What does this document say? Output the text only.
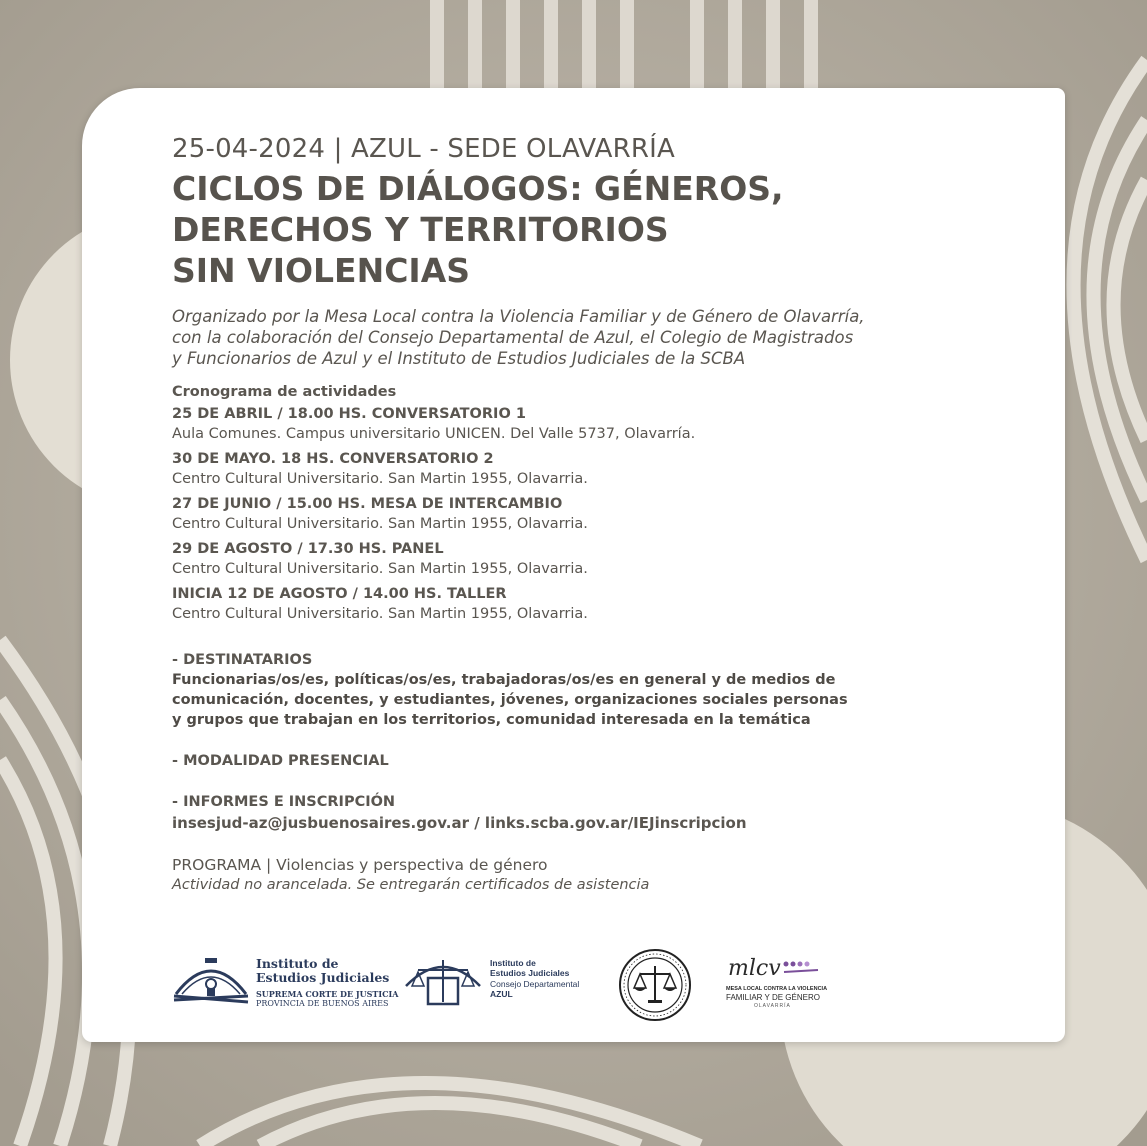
25-04-2024 | AZUL - SEDE OLAVARRÍA
CICLOS DE DIÁLOGOS: GÉNEROS,
DERECHOS Y TERRITORIOS
SIN VIOLENCIAS
Organizado por la Mesa Local contra la Violencia Familiar y de Género de Olavarría,
con la colaboración del Consejo Departamental de Azul, el Colegio de Magistrados
y Funcionarios de Azul y el Instituto de Estudios Judiciales de la SCBA
Cronograma de actividades
25 DE ABRIL / 18.00 HS. CONVERSATORIO 1
Aula Comunes. Campus universitario UNICEN. Del Valle 5737, Olavarría.
30 DE MAYO. 18 HS. CONVERSATORIO 2
Centro Cultural Universitario. San Martin 1955, Olavarria.
27 DE JUNIO / 15.00 HS. MESA DE INTERCAMBIO
Centro Cultural Universitario. San Martin 1955, Olavarria.
29 DE AGOSTO / 17.30 HS. PANEL
Centro Cultural Universitario. San Martin 1955, Olavarria.
INICIA 12 DE AGOSTO / 14.00 HS. TALLER
Centro Cultural Universitario. San Martin 1955, Olavarria.
- DESTINATARIOS
Funcionarias/os/es, políticas/os/es, trabajadoras/os/es en general y de medios de
comunicación, docentes, y estudiantes, jóvenes, organizaciones sociales personas
y grupos que trabajan en los territorios, comunidad interesada en la temática
- MODALIDAD PRESENCIAL
- INFORMES E INSCRIPCIÓN
insesjud-az@jusbuenosaires.gov.ar / links.scba.gov.ar/IEJinscripcion
PROGRAMA | Violencias y perspectiva de género
Actividad no arancelada. Se entregarán certificados de asistencia
Instituto de
Estudios Judiciales
SUPREMA CORTE DE JUSTICIA
PROVINCIA DE BUENOS AIRES
Instituto de
Estudios Judiciales
Consejo Departamental
AZUL
mlcv
MESA LOCAL CONTRA LA VIOLENCIA
FAMILIAR Y DE GÉNERO
OLAVARRÍA
